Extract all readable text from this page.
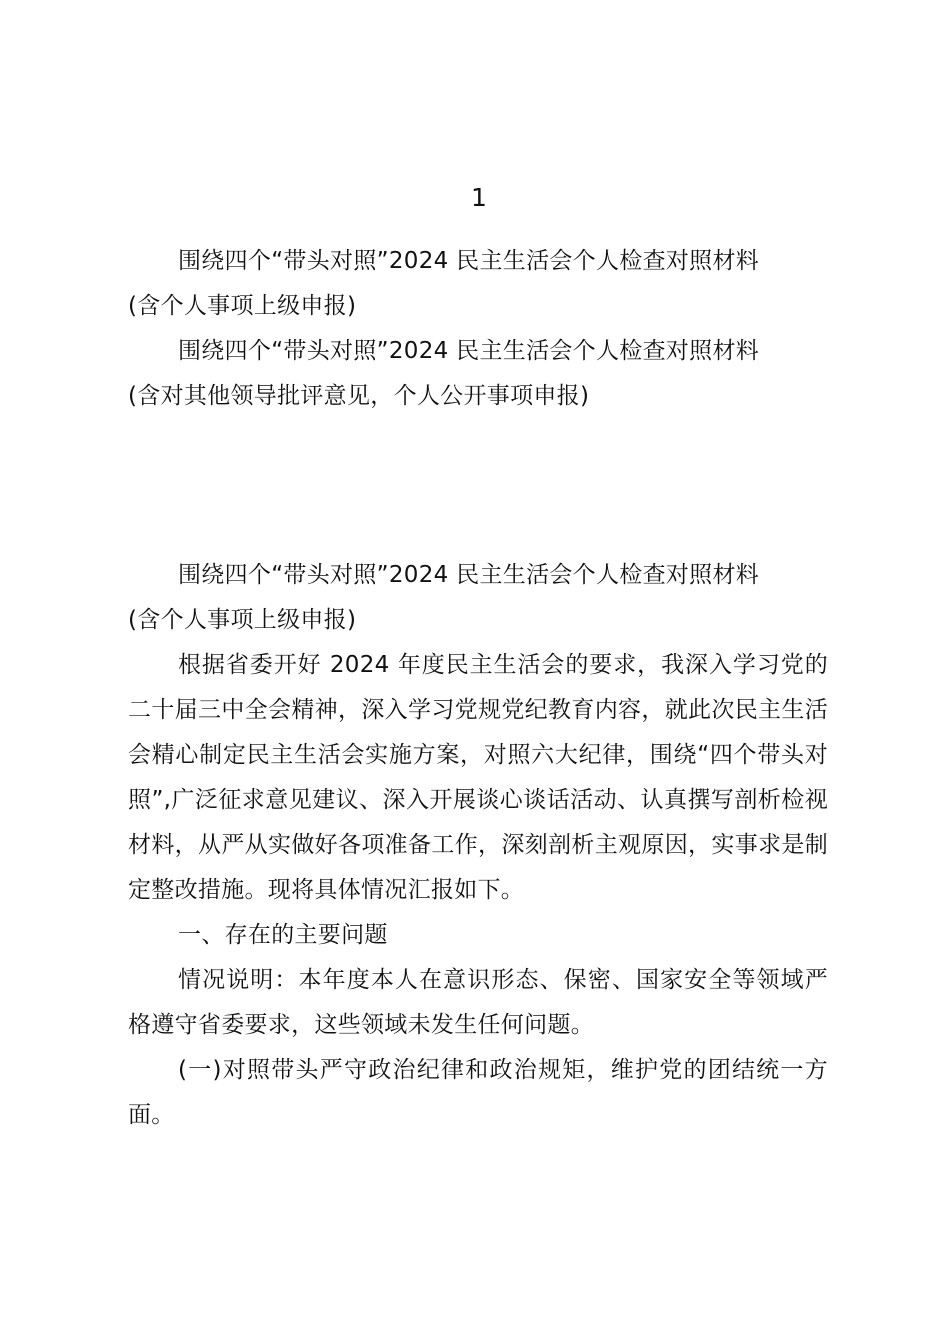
1

围绕四个“带头对照”2024 民主生活会个人检查对照材料

(含个人事项上级申报)

围绕四个“带头对照”2024 民主生活会个人检查对照材料

(含对其他领导批评意见，个人公开事项申报)

围绕四个“带头对照”2024 民主生活会个人检查对照材料

(含个人事项上级申报)

根据省委开好 2024 年度民主生活会的要求，我深入学习党的二十届三中全会精神，深入学习党规党纪教育内容，就此次民主生活会精心制定民主生活会实施方案，对照六大纪律，围绕“四个带头对照”,广泛征求意见建议、深入开展谈心谈话活动、认真撰写剖析检视材料，从严从实做好各项准备工作，深刻剖析主观原因，实事求是制定整改措施。现将具体情况汇报如下。

一、存在的主要问题

情况说明：本年度本人在意识形态、保密、国家安全等领域严格遵守省委要求，这些领域未发生任何问题。

(一)对照带头严守政治纪律和政治规矩，维护党的团结统一方面。
